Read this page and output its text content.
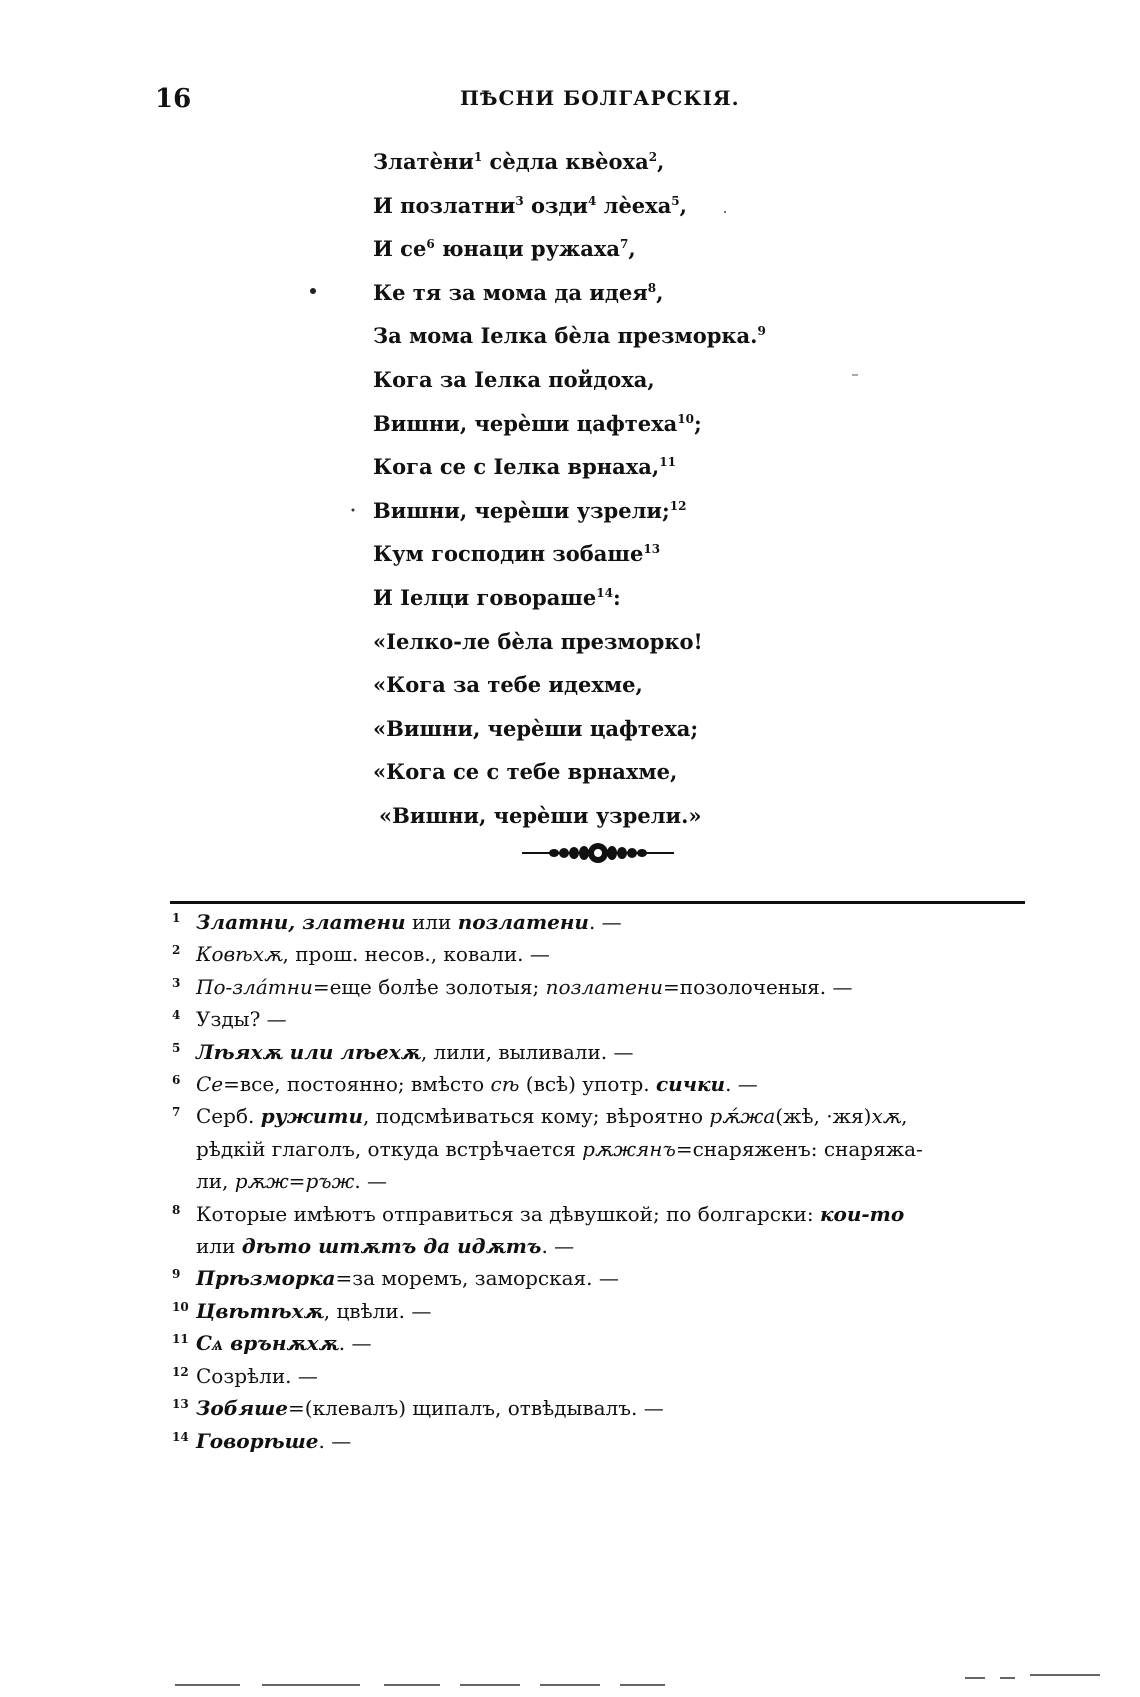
16	ПѢСНИ БОЛГАРСКІЯ.
Златѐни$^1$ сѐдла квѐоха$^2$,
И позлатни$^3$ озди$^4$ лѐеха$^5$,
И $се^6$ юнаци ружаха$^7$,
Ке тя за мома да идея$^8$,
За мома Іелка бѐла презморка.$^9$
Кога за Іелка пойдоха,
Вишни, черѐши цафтеха$^{10}$;
Кога се с Іелка врнаха,$^{11}$
Вишни, черѐши узрели;$^{12}$
Кум господин зобаше$^{13}$
И Іелци говораше$^{14}$:
«Іелко-ле бѐла презморко!
«Кога за тебе идехме,
«Вишни, черѐши цафтеха;
«Кога се с тебе врнахме,
«Вишни, черѐши узрели.»
1 Златни, златени или позлатени. —
2 Ковѣхѫ, прош. несов., ковали. —
3 По-зла́тни=еще болѣе золотыя; позлатени=позолоченыя. —
4 Узды? —
5 Лѣяхѫ или лѣехѫ, лили, выливали. —
6 Се=все, постоянно; вмѣсто сѣ (всѣ) употр. сички. —
7 Серб. ружити, подсмѣиваться кому; вѣроятно рѫ́жа(жѣ, ·жя)хѫ,
рѣдкій глаголъ, откуда встрѣчается рѫжянъ=снаряженъ: снаряжа-
ли, рѫж=ръж. —
8 Которые имѣютъ отправиться за дѣвушкой; по болгарски: кои-то
или дѣто штѫтъ да идѫтъ. —
9 Прѣзморка=за моремъ, заморская. —
10 Цвѣтѣхѫ, цвѣли. —
11 Сѧ врънѫхѫ. —
12 Созрѣли. —
13 Зобяше=(клевалъ) щипалъ, отвѣдывалъ. —
14 Говорѣше. —
